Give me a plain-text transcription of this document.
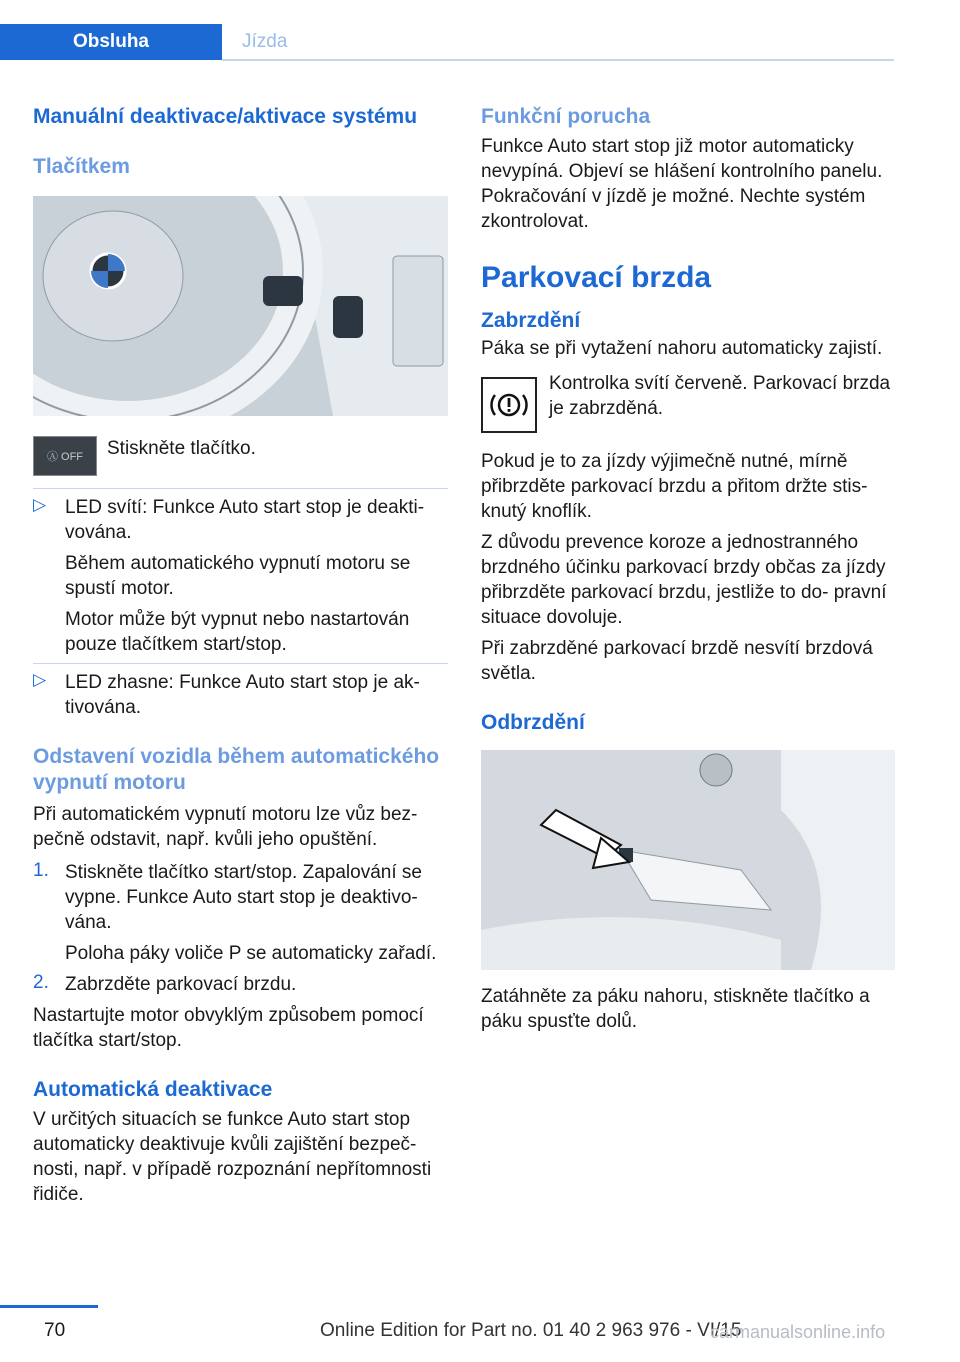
Obsluha	Jízda

Manuální deaktivace/aktivace systému

Tlačítkem

Ⓐ OFF	Stiskněte tlačítko.

▷ LED svítí: Funkce Auto start stop je deakti‐ vována.

Během automatického vypnutí motoru se spustí motor.

Motor může být vypnut nebo nastartován pouze tlačítkem start/stop.

▷ LED zhasne: Funkce Auto start stop je ak‐ tivována.

Odstavení vozidla během automatického vypnutí motoru

Při automatickém vypnutí motoru lze vůz bez‐ pečně odstavit, např. kvůli jeho opuštění.

1. Stiskněte tlačítko start/stop. Zapalování se vypne. Funkce Auto start stop je deaktivo‐ vána.

Poloha páky voliče P se automaticky zařadí.

2. Zabrzděte parkovací brzdu.

Nastartujte motor obvyklým způsobem pomocí tlačítka start/stop.

Automatická deaktivace

V určitých situacích se funkce Auto start stop automaticky deaktivuje kvůli zajištění bezpeč‐ nosti, např. v případě rozpoznání nepřítomnosti řidiče.

Funkční porucha

Funkce Auto start stop již motor automaticky nevypíná. Objeví se hlášení kontrolního panelu. Pokračování v jízdě je možné. Nechte systém zkontrolovat.

Parkovací brzda

Zabrzdění

Páka se při vytažení nahoru automaticky zajistí.

Kontrolka svítí červeně. Parkovací brzda je zabrzděná.

Pokud je to za jízdy výjimečně nutné, mírně přibrzděte parkovací brzdu a přitom držte stis‐ knutý knoflík.

Z důvodu prevence koroze a jednostranného brzdného účinku parkovací brzdy občas za jízdy přibrzděte parkovací brzdu, jestliže to do‐ pravní situace dovoluje.

Při zabrzděné parkovací brzdě nesvítí brzdová světla.

Odbrzdění

Zatáhněte za páku nahoru, stiskněte tlačítko a páku spusťte dolů.

70	Online Edition for Part no. 01 40 2 963 976 - VI/15
carmanualsonline.info
